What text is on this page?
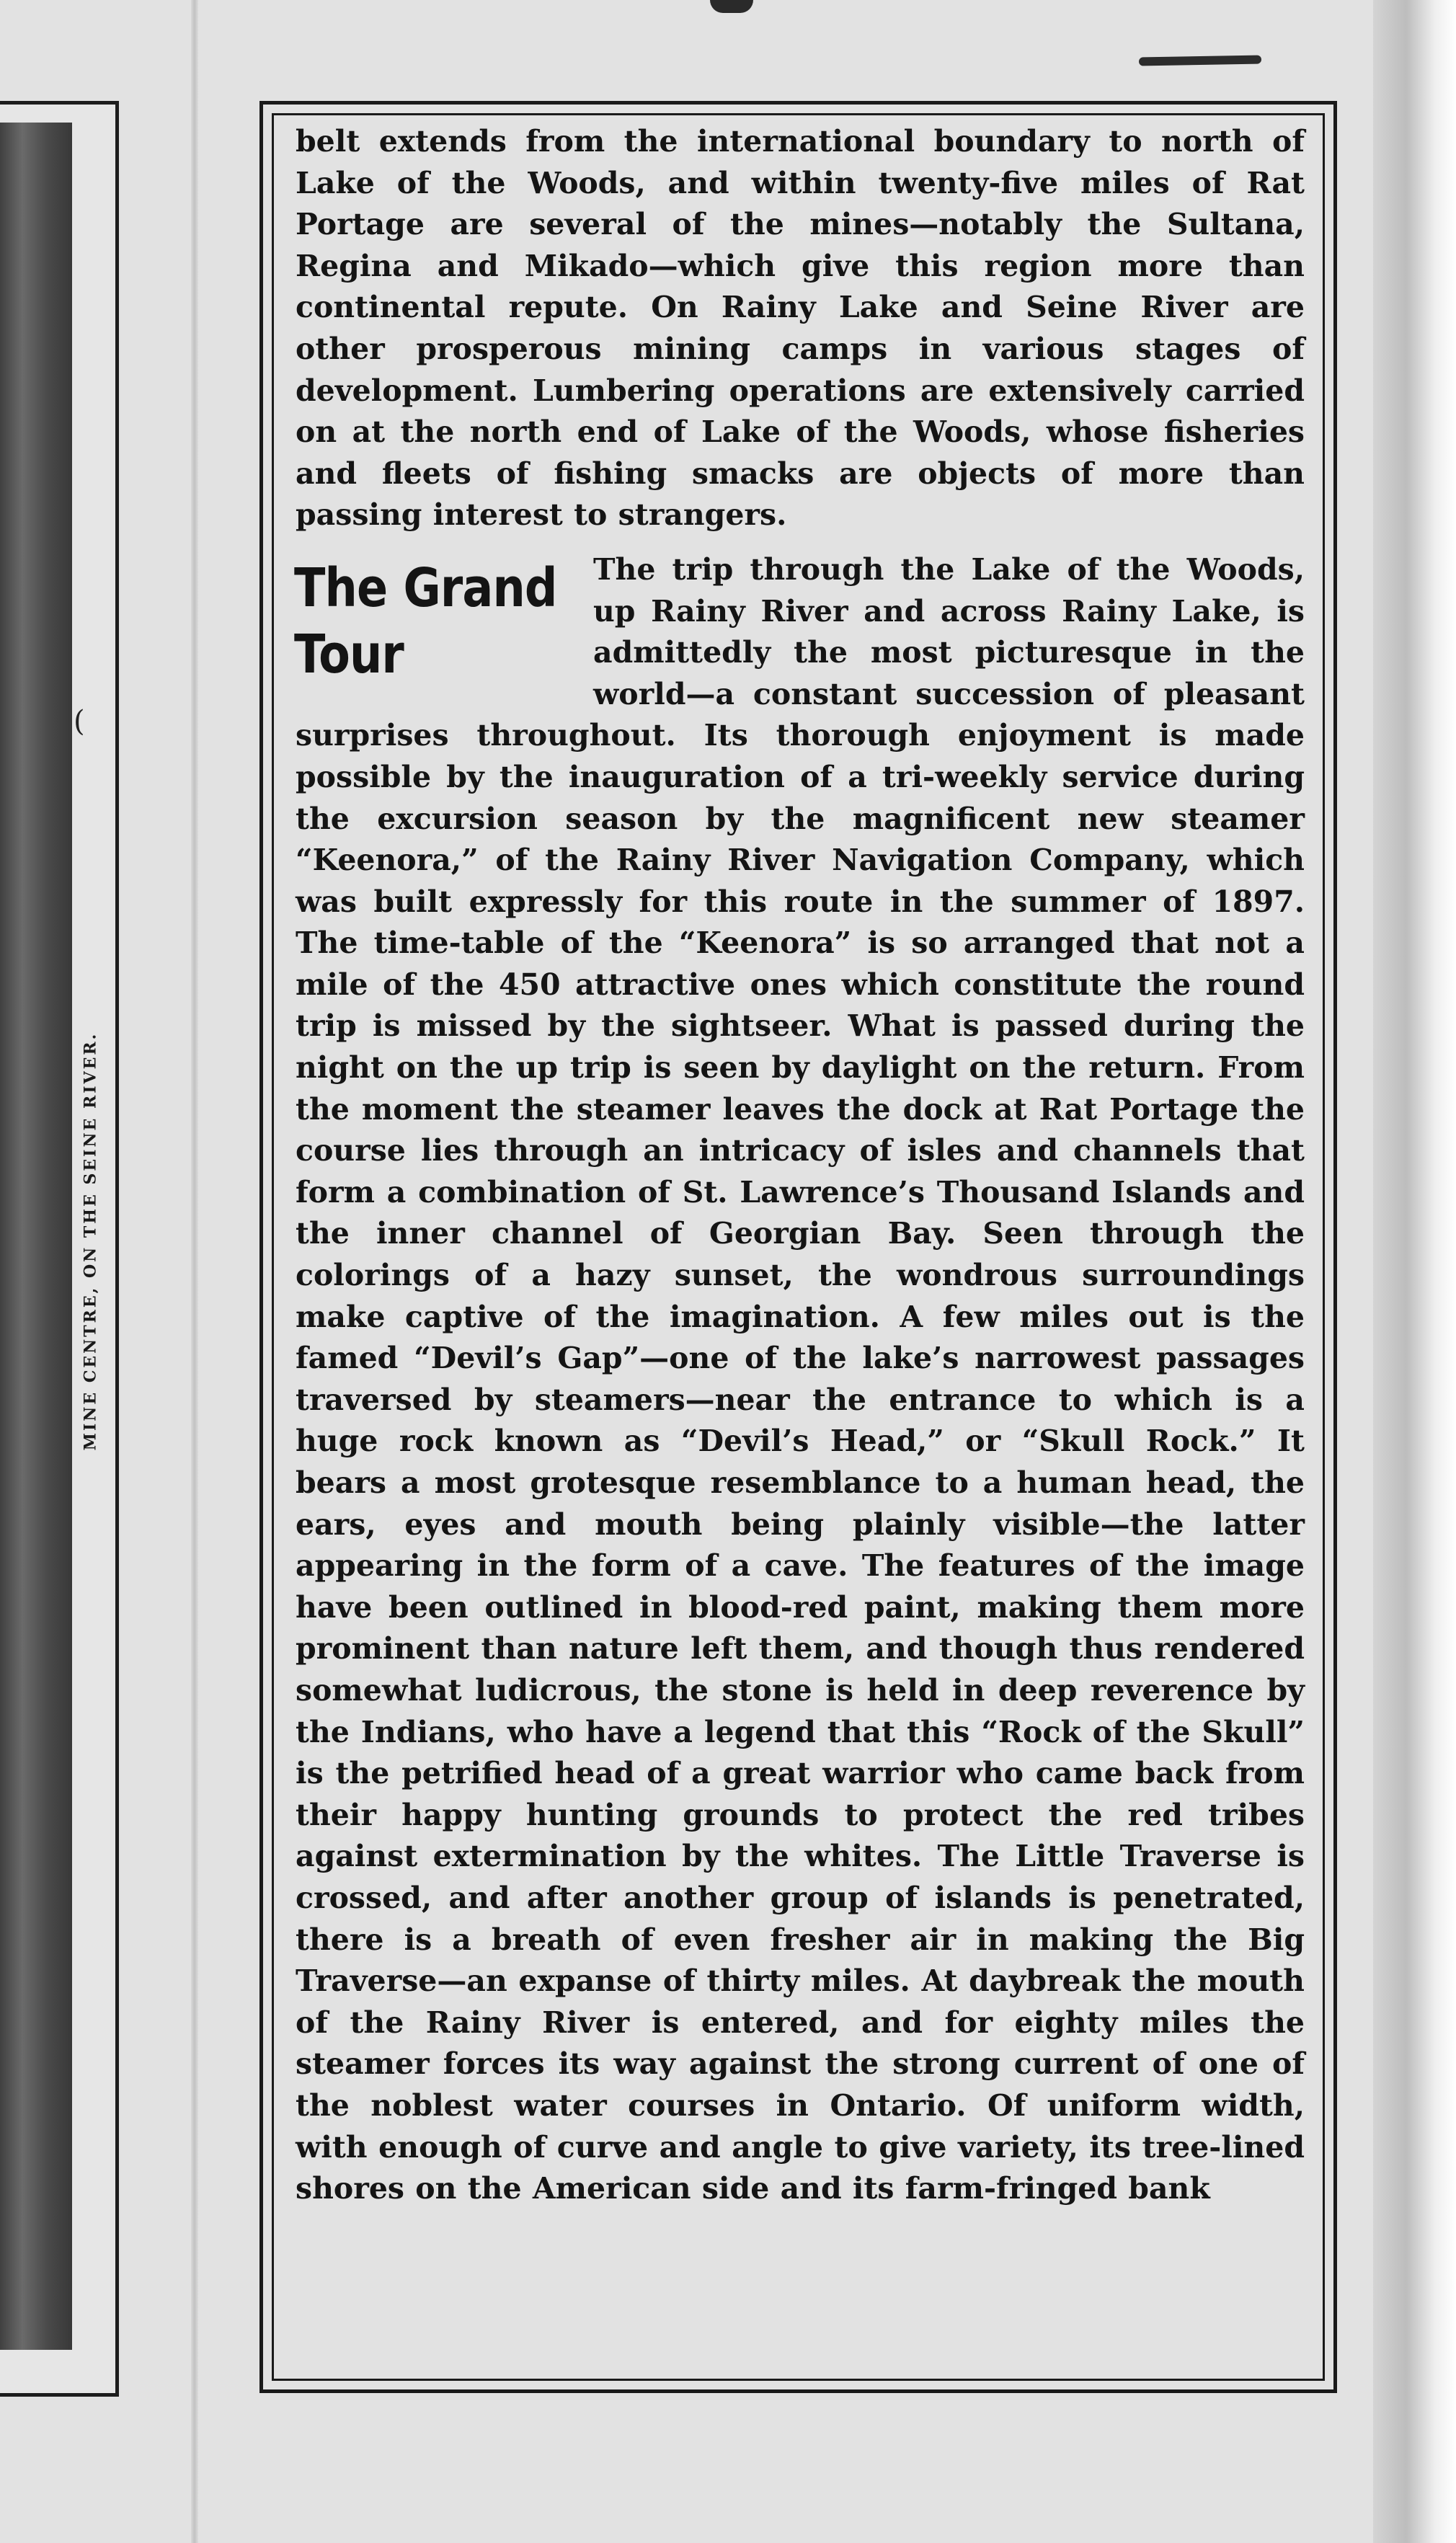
MINE CENTRE, ON THE SEINE RIVER.
(

belt extends from the international boundary to north of Lake of the Woods, and within twenty-five miles of Rat Portage are several of the mines—notably the Sultana, Regina and Mikado—which give this region more than continental repute. On Rainy Lake and Seine River are other prosperous mining camps in various stages of development. Lumbering operations are extensively carried on at the north end of Lake of the Woods, whose fisheries and fleets of fishing smacks are objects of more than passing interest to strangers.

The Grand
Tour

The trip through the Lake of the Woods, up Rainy River and across Rainy Lake, is admittedly the most picturesque in the world—a constant succession of pleasant surprises throughout. Its thorough enjoyment is made possible by the inauguration of a tri-weekly service during the excursion season by the magnificent new steamer “Keenora,” of the Rainy River Navigation Company, which was built expressly for this route in the summer of 1897. The time-table of the “Keenora” is so arranged that not a mile of the 450 attractive ones which constitute the round trip is missed by the sightseer. What is passed during the night on the up trip is seen by daylight on the return. From the moment the steamer leaves the dock at Rat Portage the course lies through an intricacy of isles and channels that form a combination of St. Lawrence’s Thousand Islands and the inner channel of Georgian Bay. Seen through the colorings of a hazy sunset, the wondrous surroundings make captive of the imagination. A few miles out is the famed “Devil’s Gap”—one of the lake’s narrowest passages traversed by steamers—near the entrance to which is a huge rock known as “Devil’s Head,” or “Skull Rock.” It bears a most grotesque resemblance to a human head, the ears, eyes and mouth being plainly visible—the latter appearing in the form of a cave. The features of the image have been outlined in blood-red paint, making them more prominent than nature left them, and though thus rendered somewhat ludicrous, the stone is held in deep reverence by the Indians, who have a legend that this “Rock of the Skull” is the petrified head of a great warrior who came back from their happy hunting grounds to protect the red tribes against extermination by the whites. The Little Traverse is crossed, and after another group of islands is penetrated, there is a breath of even fresher air in making the Big Traverse—an expanse of thirty miles. At daybreak the mouth of the Rainy River is entered, and for eighty miles the steamer forces its way against the strong current of one of the noblest water courses in Ontario. Of uniform width, with enough of curve and angle to give variety, its tree-lined shores on the American side and its farm-fringed bank
